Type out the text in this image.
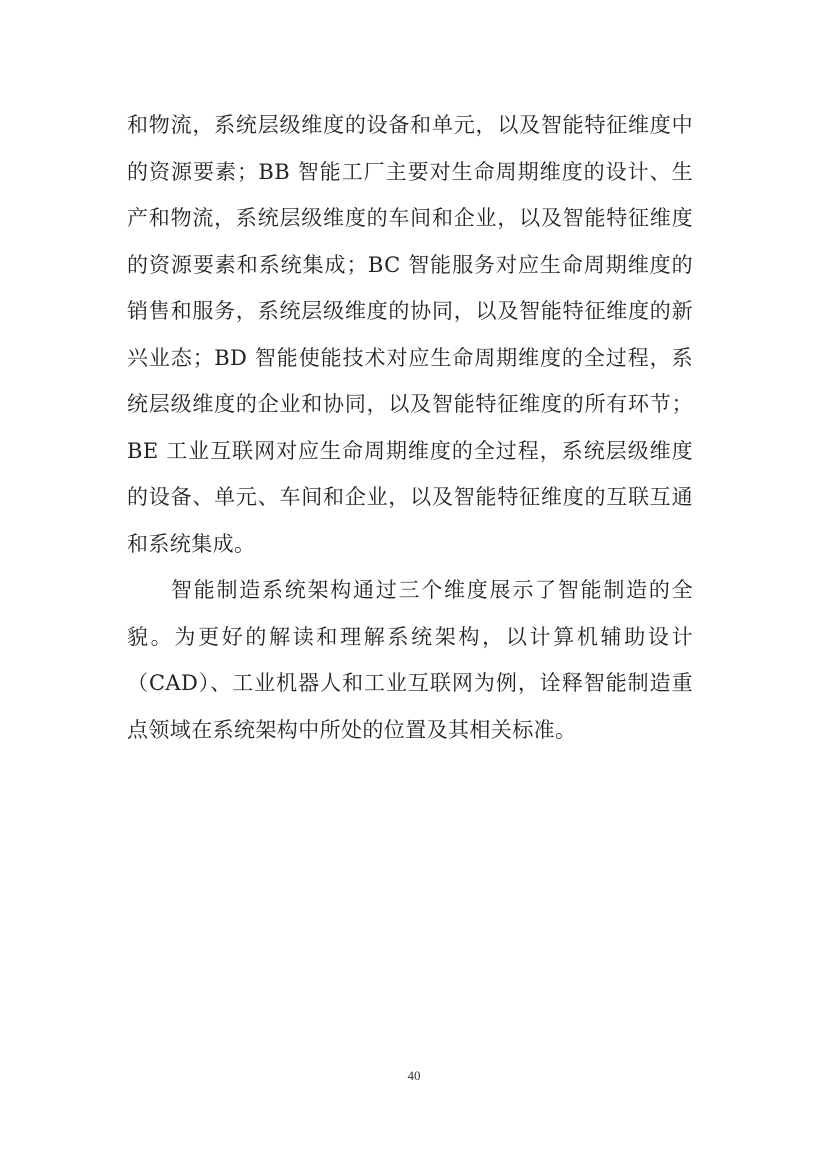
和物流，系统层级维度的设备和单元，以及智能特征维度中的资源要素；BB 智能工厂主要对生命周期维度的设计、生产和物流，系统层级维度的车间和企业，以及智能特征维度的资源要素和系统集成；BC 智能服务对应生命周期维度的销售和服务，系统层级维度的协同，以及智能特征维度的新兴业态；BD 智能使能技术对应生命周期维度的全过程，系统层级维度的企业和协同，以及智能特征维度的所有环节；BE 工业互联网对应生命周期维度的全过程，系统层级维度的设备、单元、车间和企业，以及智能特征维度的互联互通和系统集成。

智能制造系统架构通过三个维度展示了智能制造的全貌。为更好的解读和理解系统架构，以计算机辅助设计（CAD）、工业机器人和工业互联网为例，诠释智能制造重点领域在系统架构中所处的位置及其相关标准。

40
